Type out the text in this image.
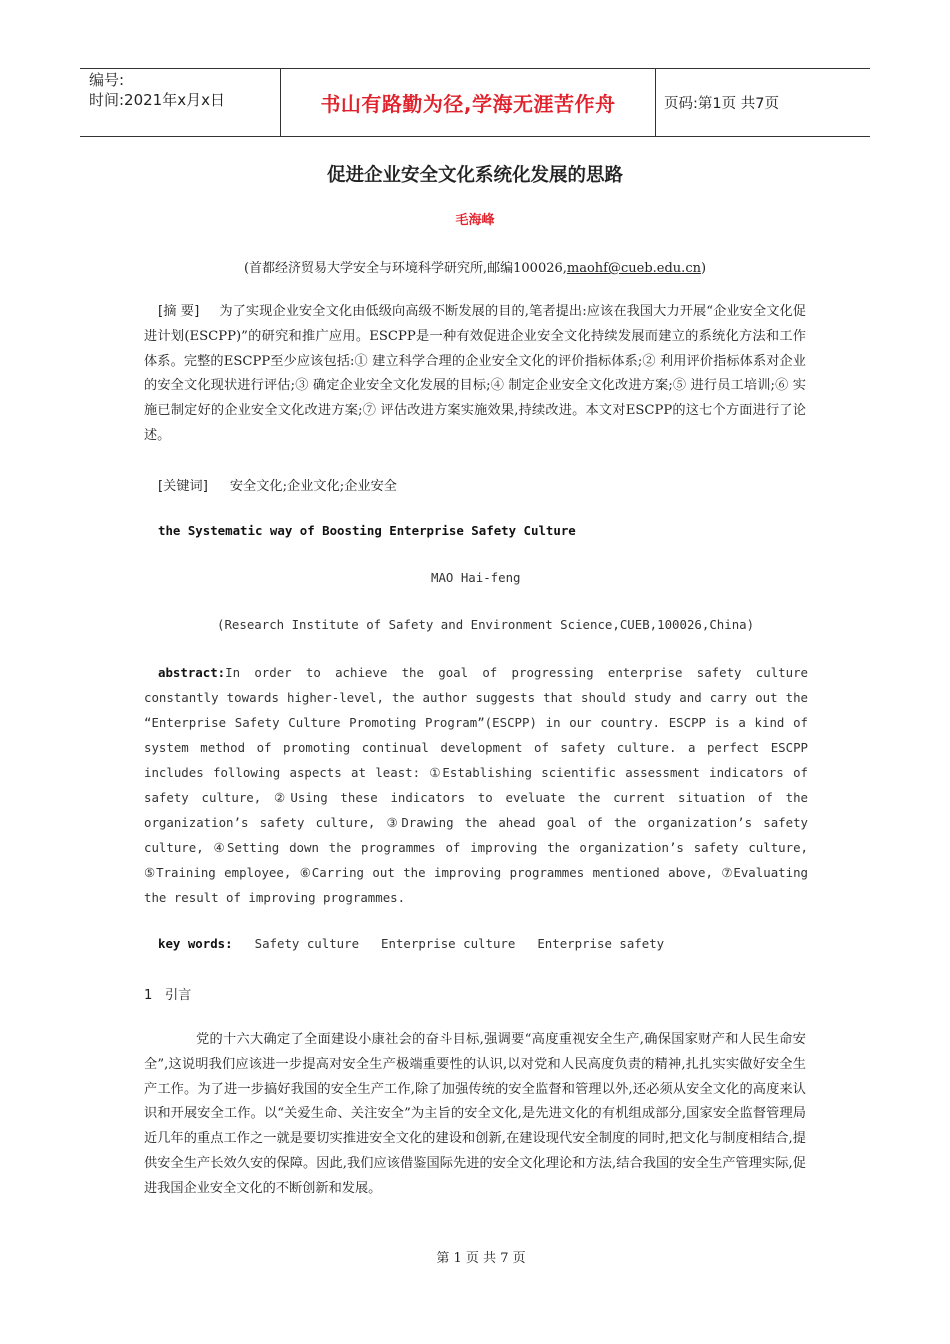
编号:
时间:2021年x月x日	书山有路勤为径,学海无涯苦作舟	页码:第1页 共7页
促进企业安全文化系统化发展的思路
毛海峰
(首都经济贸易大学安全与环境科学研究所,邮编100026,maohf@cueb.edu.cn)
[摘 要] 为了实现企业安全文化由低级向高级不断发展的目的,笔者提出:应该在我国大力开展“企业安全文化促进计划(ESCPP)”的研究和推广应用。ESCPP是一种有效促进企业安全文化持续发展而建立的系统化方法和工作体系。完整的ESCPP至少应该包括:① 建立科学合理的企业安全文化的评价指标体系;② 利用评价指标体系对企业的安全文化现状进行评估;③ 确定企业安全文化发展的目标;④ 制定企业安全文化改进方案;⑤ 进行员工培训;⑥ 实施已制定好的企业安全文化改进方案;⑦ 评估改进方案实施效果,持续改进。本文对ESCPP的这七个方面进行了论述。
[关键词] 安全文化;企业文化;企业安全
the Systematic way of Boosting Enterprise Safety Culture
MAO Hai-feng
(Research Institute of Safety and Environment Science,CUEB,100026,China)
abstract:In order to achieve the goal of progressing enterprise safety culture constantly towards higher-level, the author suggests that should study and carry out the “Enterprise Safety Culture Promoting Program”(ESCPP) in our country. ESCPP is a kind of system method of promoting continual development of safety culture. a perfect ESCPP includes following aspects at least: ①Establishing scientific assessment indicators of safety culture, ②Using these indicators to eveluate the current situation of the organization’s safety culture, ③Drawing the ahead goal of the organization’s safety culture, ④Setting down the programmes of improving the organization’s safety culture, ⑤Training employee, ⑥Carring out the improving programmes mentioned above, ⑦Evaluating the result of improving programmes.
key words: Safety culture Enterprise culture Enterprise safety
1   引言
党的十六大确定了全面建设小康社会的奋斗目标,强调要“高度重视安全生产,确保国家财产和人民生命安全”,这说明我们应该进一步提高对安全生产极端重要性的认识,以对党和人民高度负责的精神,扎扎实实做好安全生产工作。为了进一步搞好我国的安全生产工作,除了加强传统的安全监督和管理以外,还必须从安全文化的高度来认识和开展安全工作。以“关爱生命、关注安全”为主旨的安全文化,是先进文化的有机组成部分,国家安全监督管理局近几年的重点工作之一就是要切实推进安全文化的建设和创新,在建设现代安全制度的同时,把文化与制度相结合,提供安全生产长效久安的保障。因此,我们应该借鉴国际先进的安全文化理论和方法,结合我国的安全生产管理实际,促进我国企业安全文化的不断创新和发展。
第 1 页 共 7 页
